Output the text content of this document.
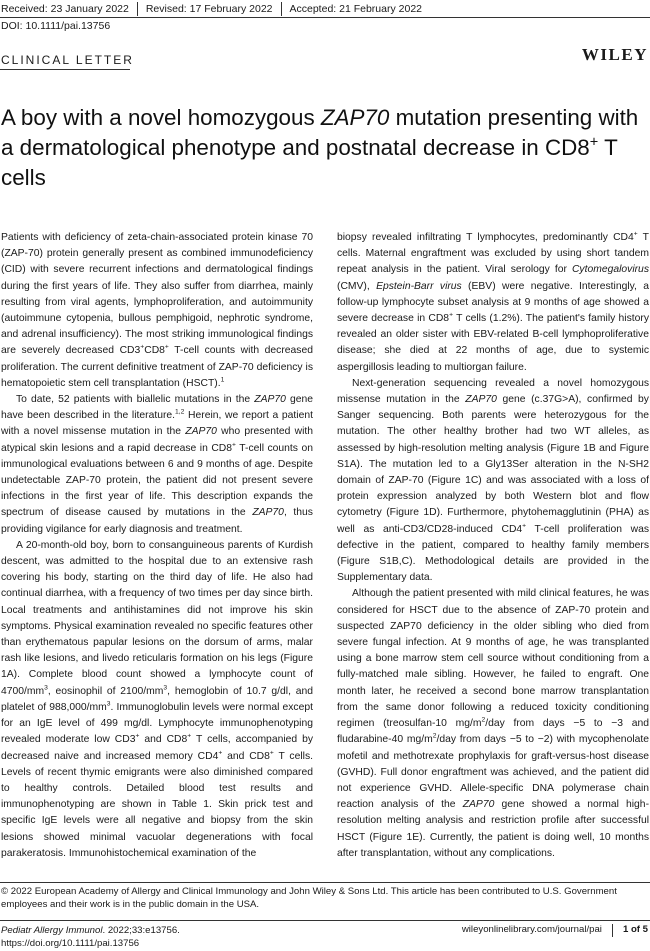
Received: 23 January 2022	Revised: 17 February 2022	Accepted: 21 February 2022
DOI: 10.1111/pai.13756
CLINICAL LETTER	WILEY
A boy with a novel homozygous ZAP70 mutation presenting with a dermatological phenotype and postnatal decrease in CD8+ T cells

Patients with deficiency of zeta-chain-associated protein kinase 70 (ZAP-70) protein generally present as combined immunodeficiency (CID) with severe recurrent infections and dermatological findings during the first years of life. They also suffer from diarrhea, mainly resulting from viral agents, lymphoproliferation, and autoimmunity (autoimmune cytopenia, bullous pemphigoid, nephrotic syndrome, and adrenal insufficiency). The most striking immunological findings are severely decreased CD3+CD8+ T-cell counts with decreased proliferation. The current definitive treatment of ZAP-70 deficiency is hematopoietic stem cell transplantation (HSCT).$^1$

To date, 52 patients with biallelic mutations in the ZAP70 gene have been described in the literature.$^{1,2}$ Herein, we report a patient with a novel missense mutation in the ZAP70 who presented with atypical skin lesions and a rapid decrease in CD8+ T-cell counts on immunological evaluations between 6 and 9 months of age. Despite undetectable ZAP-70 protein, the patient did not present severe infections in the first year of life. This description expands the spectrum of disease caused by mutations in the ZAP70, thus providing vigilance for early diagnosis and treatment.

A 20-month-old boy, born to consanguineous parents of Kurdish descent, was admitted to the hospital due to an extensive rash covering his body, starting on the third day of life. He also had continual diarrhea, with a frequency of two times per day since birth. Local treatments and antihistamines did not improve his skin symptoms. Physical examination revealed no specific features other than erythematous papular lesions on the dorsum of arms, malar rash like lesions, and livedo reticularis formation on his legs (Figure 1A). Complete blood count showed a lymphocyte count of $4700/mm^3$, eosinophil of $2100/mm^3$, hemoglobin of 10.7 g/dl, and platelet of $988,000/mm^3$. Immunoglobulin levels were normal except for an IgE level of 499 mg/dl. Lymphocyte immunophenotyping revealed moderate low CD3+ and CD8+ T cells, accompanied by decreased naive and increased memory CD4+ and CD8+ T cells. Levels of recent thymic emigrants were also diminished compared to healthy controls. Detailed blood test results and immunophenotyping are shown in Table 1. Skin prick test and specific IgE levels were all negative and biopsy from the skin lesions showed minimal vacuolar degenerations with focal parakeratosis. Immunohistochemical examination of the

biopsy revealed infiltrating T lymphocytes, predominantly CD4+ T cells. Maternal engraftment was excluded by using short tandem repeat analysis in the patient. Viral serology for Cytomegalovirus (CMV), Epstein-Barr virus (EBV) were negative. Interestingly, a follow-up lymphocyte subset analysis at 9 months of age showed a severe decrease in CD8+ T cells (1.2%). The patient's family history revealed an older sister with EBV-related B-cell lymphoproliferative disease; she died at 22 months of age, due to systemic aspergillosis leading to multiorgan failure.

Next-generation sequencing revealed a novel homozygous missense mutation in the ZAP70 gene (c.37G>A), confirmed by Sanger sequencing. Both parents were heterozygous for the mutation. The other healthy brother had two WT alleles, as assessed by high-resolution melting analysis (Figure 1B and Figure S1A). The mutation led to a Gly13Ser alteration in the N-SH2 domain of ZAP-70 (Figure 1C) and was associated with a loss of protein expression analyzed by both Western blot and flow cytometry (Figure 1D). Furthermore, phytohemagglutinin (PHA) as well as anti-CD3/CD28-induced CD4+ T-cell proliferation was defective in the patient, compared to healthy family members (Figure S1B,C). Methodological details are provided in the Supplementary data.

Although the patient presented with mild clinical features, he was considered for HSCT due to the absence of ZAP-70 protein and suspected ZAP70 deficiency in the older sibling who died from severe fungal infection. At 9 months of age, he was transplanted using a bone marrow stem cell source without conditioning from a fully-matched male sibling. However, he failed to engraft. One month later, he received a second bone marrow transplantation from the same donor following a reduced toxicity conditioning regimen (treosulfan-10 $mg/m^2$/day from days −5 to −3 and fludarabine-40 $mg/m^2$/day from days −5 to −2) with mycophenolate mofetil and methotrexate prophylaxis for graft-versus-host disease (GVHD). Full donor engraftment was achieved, and the patient did not experience GVHD. Allele-specific DNA polymerase chain reaction analysis of the ZAP70 gene showed a normal high-resolution melting analysis and restriction profile after successful HSCT (Figure 1E). Currently, the patient is doing well, 10 months after transplantation, without any complications.

© 2022 European Academy of Allergy and Clinical Immunology and John Wiley & Sons Ltd. This article has been contributed to U.S. Government employees and their work is in the public domain in the USA.
Pediatr Allergy Immunol. 2022;33:e13756.
https://doi.org/10.1111/pai.13756
wileyonlinelibrary.com/journal/pai 1 of 5
